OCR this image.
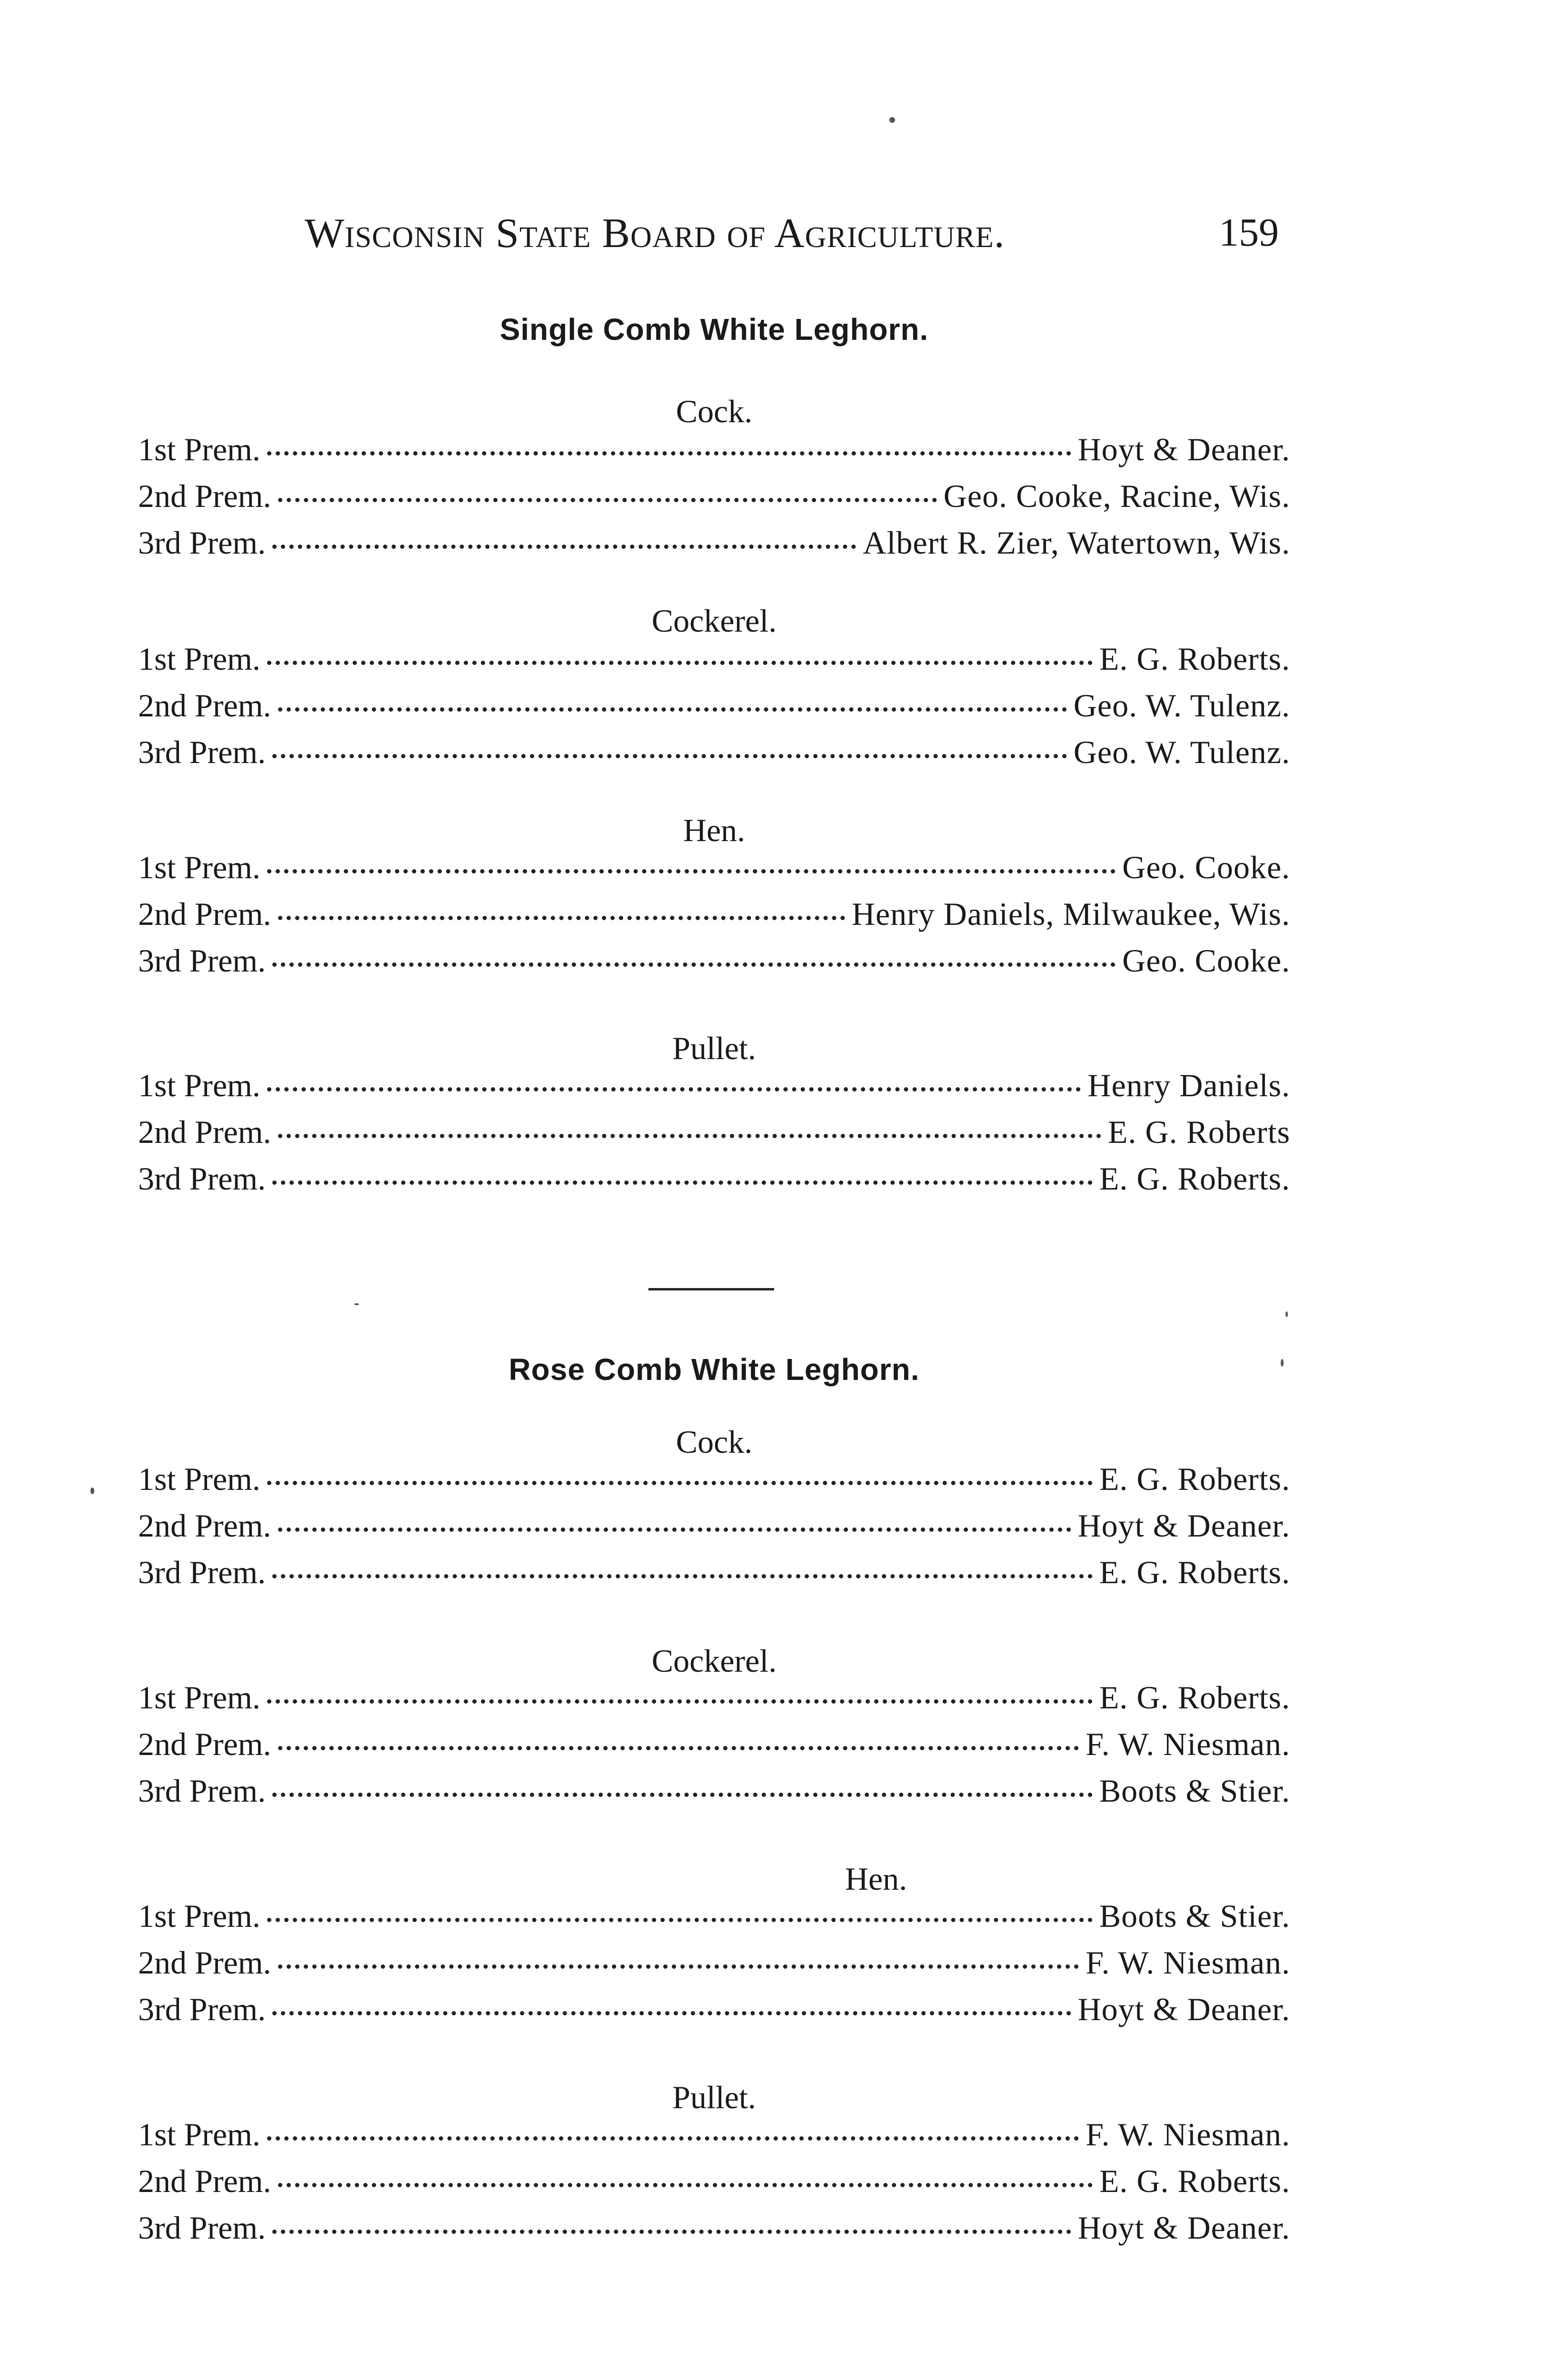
Wisconsin State Board of Agriculture.	159
Single Comb White Leghorn.
Cock.
1st Prem.	Hoyt & Deaner.
2nd Prem.	Geo. Cooke, Racine, Wis.
3rd Prem.	Albert R. Zier, Watertown, Wis.
Cockerel.
1st Prem.	E. G. Roberts.
2nd Prem.	Geo. W. Tulenz.
3rd Prem.	Geo. W. Tulenz.
Hen.
1st Prem.	Geo. Cooke.
2nd Prem.	Henry Daniels, Milwaukee, Wis.
3rd Prem.	Geo. Cooke.
Pullet.
1st Prem.	Henry Daniels.
2nd Prem.	E. G. Roberts
3rd Prem.	E. G. Roberts.
Rose Comb White Leghorn.
Cock.
1st Prem.	E. G. Roberts.
2nd Prem.	Hoyt & Deaner.
3rd Prem.	E. G. Roberts.
Cockerel.
1st Prem.	E. G. Roberts.
2nd Prem.	F. W. Niesman.
3rd Prem.	Boots & Stier.
Hen.
1st Prem.	Boots & Stier.
2nd Prem.	F. W. Niesman.
3rd Prem.	Hoyt & Deaner.
Pullet.
1st Prem.	F. W. Niesman.
2nd Prem.	E. G. Roberts.
3rd Prem.	Hoyt & Deaner.
